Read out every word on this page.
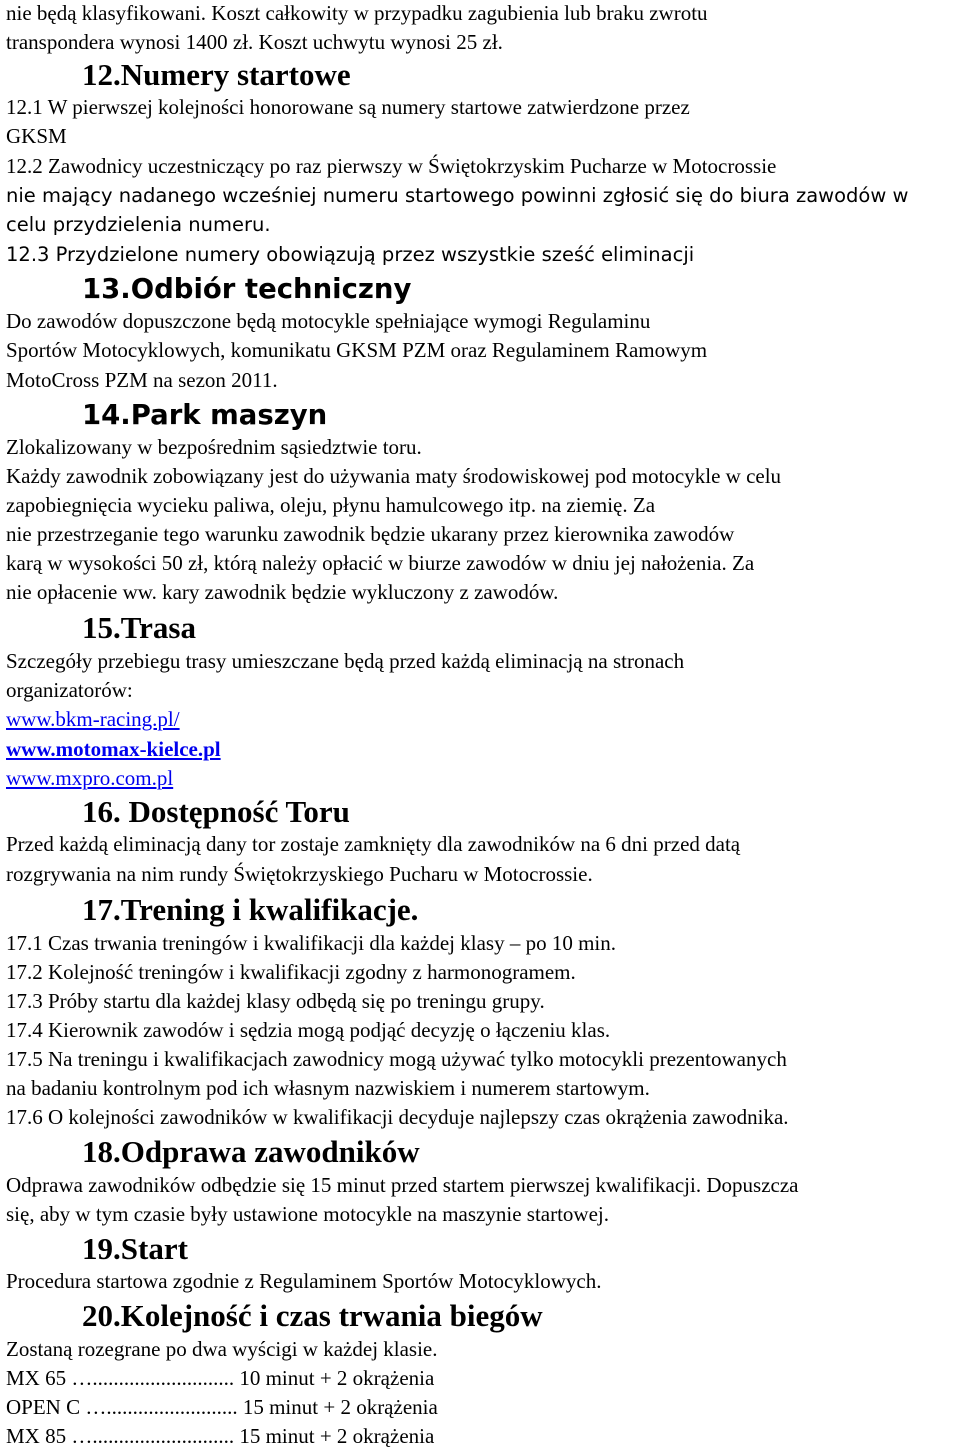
nie będą klasyfikowani. Koszt całkowity w przypadku zagubienia lub braku zwrotu
transpondera wynosi 1400 zł. Koszt uchwytu wynosi 25 zł.
12.Numery startowe
12.1 W pierwszej kolejności honorowane są numery startowe zatwierdzone przez
GKSM
12.2 Zawodnicy uczestniczący po raz pierwszy w Świętokrzyskim Pucharze w Motocrossie
nie mający nadanego wcześniej numeru startowego powinni zgłosić się do biura zawodów w
celu przydzielenia numeru.
12.3 Przydzielone numery obowiązują przez wszystkie sześć eliminacji
13.Odbiór techniczny
Do zawodów dopuszczone będą motocykle spełniające wymogi Regulaminu
Sportów Motocyklowych, komunikatu GKSM PZM oraz Regulaminem Ramowym
MotoCross PZM na sezon 2011.
14.Park maszyn
Zlokalizowany w bezpośrednim sąsiedztwie toru.
Każdy zawodnik zobowiązany jest do używania maty środowiskowej pod motocykle w celu
zapobiegnięcia wycieku paliwa, oleju, płynu hamulcowego itp. na ziemię. Za
nie przestrzeganie tego warunku zawodnik będzie ukarany przez kierownika zawodów
karą w wysokości 50 zł, którą należy opłacić w biurze zawodów w dniu jej nałożenia. Za
nie opłacenie ww. kary zawodnik będzie wykluczony z zawodów.
15.Trasa
Szczegóły przebiegu trasy umieszczane będą przed każdą eliminacją na stronach
organizatorów:
www.bkm-racing.pl/
www.motomax-kielce.pl
www.mxpro.com.pl
16. Dostępność Toru
Przed każdą eliminacją dany tor zostaje zamknięty dla zawodników na 6 dni przed datą
rozgrywania na nim rundy Świętokrzyskiego Pucharu w Motocrossie.
17.Trening i kwalifikacje.
17.1 Czas trwania treningów i kwalifikacji dla każdej klasy – po 10 min.
17.2 Kolejność treningów i kwalifikacji zgodny z harmonogramem.
17.3 Próby startu dla każdej klasy odbędą się po treningu grupy.
17.4 Kierownik zawodów i sędzia mogą podjąć decyzję o łączeniu klas.
17.5 Na treningu i kwalifikacjach zawodnicy mogą używać tylko motocykli prezentowanych
na badaniu kontrolnym pod ich własnym nazwiskiem i numerem startowym.
17.6 O kolejności zawodników w kwalifikacji decyduje najlepszy czas okrążenia zawodnika.
18.Odprawa zawodników
Odprawa zawodników odbędzie się 15 minut przed startem pierwszej kwalifikacji. Dopuszcza
się, aby w tym czasie były ustawione motocykle na maszynie startowej.
19.Start
Procedura startowa zgodnie z Regulaminem Sportów Motocyklowych.
20.Kolejność i czas trwania biegów
Zostaną rozegrane po dwa wyścigi w każdej klasie.
MX 65 …........................... 10 minut + 2 okrążenia
OPEN C …......................... 15 minut + 2 okrążenia
MX 85 …........................... 15 minut + 2 okrążenia
